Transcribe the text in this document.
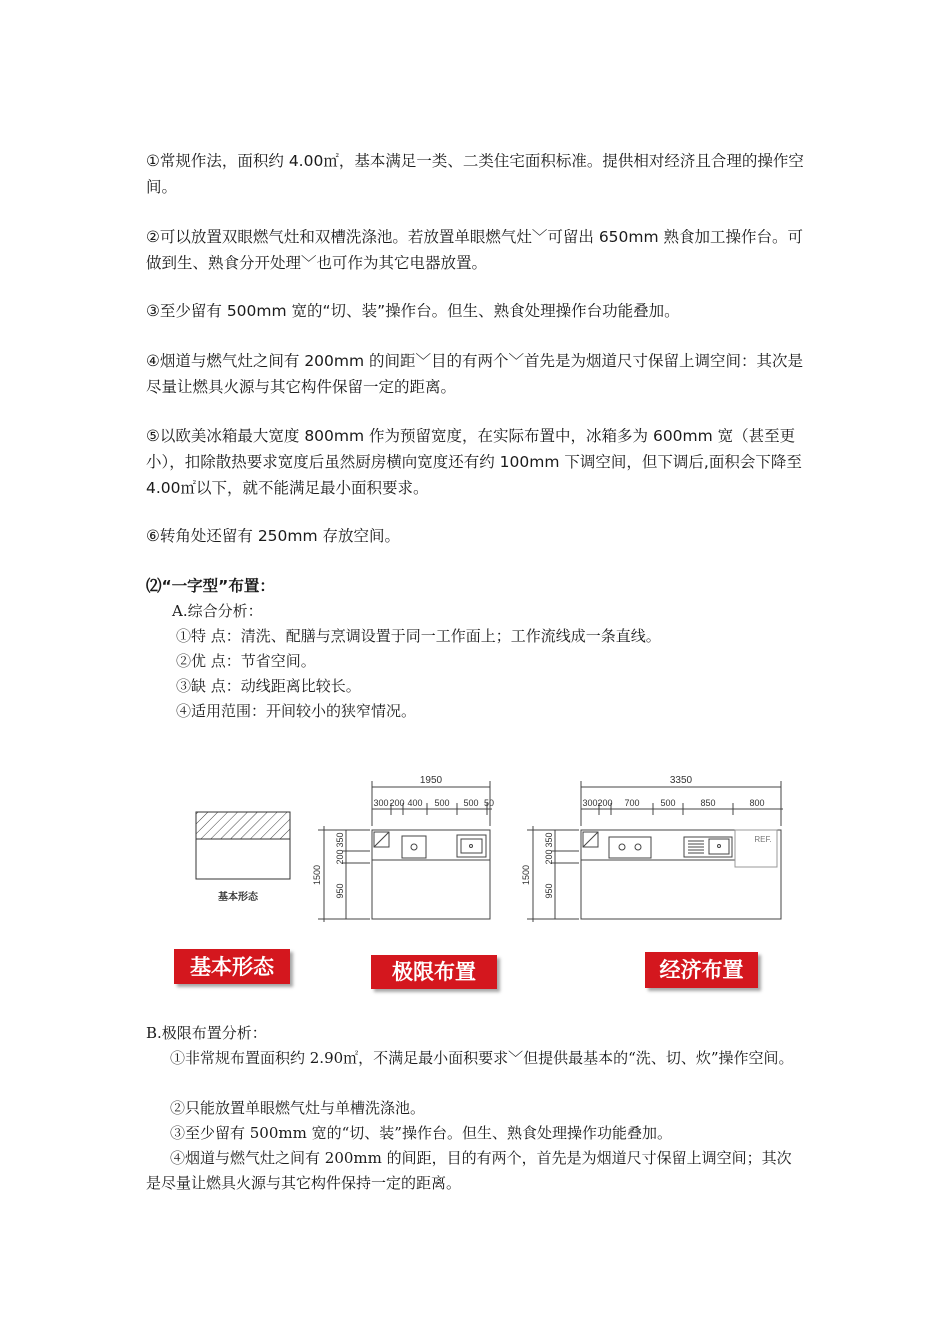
①常规作法，面积约 4.00㎡，基本满足一类、二类住宅面积标准。提供相对经济且合理的操作空间。

②可以放置双眼燃气灶和双槽洗涤池。若放置单眼燃气灶﹀可留出 650mm 熟食加工操作台。可做到生、熟食分开处理﹀也可作为其它电器放置。

③至少留有 500mm 宽的“切、装”操作台。但生、熟食处理操作台功能叠加。

④烟道与燃气灶之间有 200mm 的间距﹀目的有两个﹀首先是为烟道尺寸保留上调空间：其次是尽量让燃具火源与其它构件保留一定的距离。

⑤以欧美冰箱最大宽度 800mm 作为预留宽度，在实际布置中，冰箱多为 600mm 宽（甚至更小），扣除散热要求宽度后虽然厨房横向宽度还有约 100mm 下调空间，但下调后,面积会下降至 4.00㎡以下，就不能满足最小面积要求。

⑥转角处还留有 250mm 存放空间。

⑵“一字型”布置：

A.综合分析：

①特 点：清洗、配膳与烹调设置于同一工作面上；工作流线成一条直线。

②优 点：节省空间。

③缺 点：动线距离比较长。

④适用范围：开间较小的狭窄情况。

基本形态
1950
300 200 400 500 500 50
350
200
1500
950
3350
300 200 700 500	850	800
350
200
1500
950
REF.
基本形态	极限布置	经济布置

B.极限布置分析：

①非常规布置面积约 2.90㎡，不满足最小面积要求﹀但提供最基本的“洗、切、炊”操作空间。

②只能放置单眼燃气灶与单槽洗涤池。

③至少留有 500mm 宽的“切、装”操作台。但生、熟食处理操作功能叠加。

④烟道与燃气灶之间有 200mm 的间距，目的有两个，首先是为烟道尺寸保留上调空间；其次是尽量让燃具火源与其它构件保持一定的距离。
